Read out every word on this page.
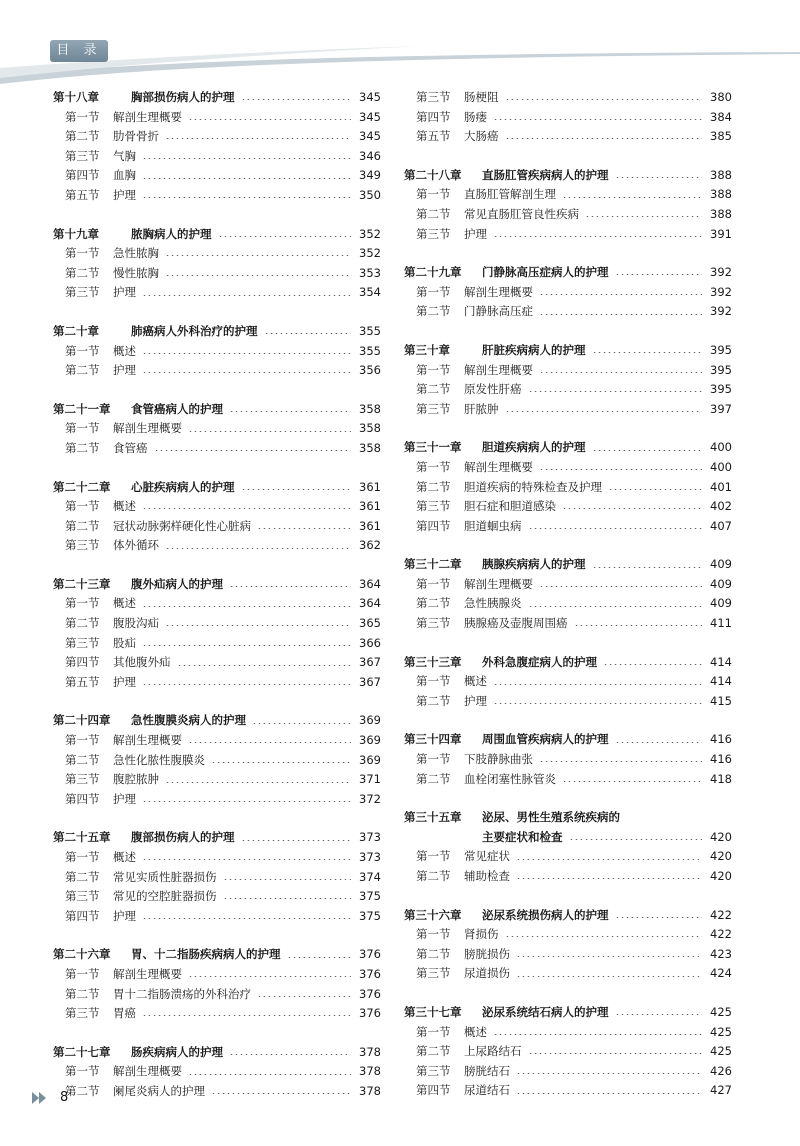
目 录
第十八章	胸部损伤病人的护理	345
第一节	解剖生理概要	345
第二节	肋骨骨折	345
第三节	气胸	346
第四节	血胸	349
第五节	护理	350
第十九章	脓胸病人的护理	352
第一节	急性脓胸	352
第二节	慢性脓胸	353
第三节	护理	354
第二十章	肺癌病人外科治疗的护理	355
第一节	概述	355
第二节	护理	356
第二十一章	食管癌病人的护理	358
第一节	解剖生理概要	358
第二节	食管癌	358
第二十二章	心脏疾病病人的护理	361
第一节	概述	361
第二节	冠状动脉粥样硬化性心脏病	361
第三节	体外循环	362
第二十三章	腹外疝病人的护理	364
第一节	概述	364
第二节	腹股沟疝	365
第三节	股疝	366
第四节	其他腹外疝	367
第五节	护理	367
第二十四章	急性腹膜炎病人的护理	369
第一节	解剖生理概要	369
第二节	急性化脓性腹膜炎	369
第三节	腹腔脓肿	371
第四节	护理	372
第二十五章	腹部损伤病人的护理	373
第一节	概述	373
第二节	常见实质性脏器损伤	374
第三节	常见的空腔脏器损伤	375
第四节	护理	375
第二十六章	胃、十二指肠疾病病人的护理	376
第一节	解剖生理概要	376
第二节	胃十二指肠溃疡的外科治疗	376
第三节	胃癌	376
第二十七章	肠疾病病人的护理	378
第一节	解剖生理概要	378
第二节	阑尾炎病人的护理	378
第三节	肠梗阻	380
第四节	肠瘘	384
第五节	大肠癌	385
第二十八章	直肠肛管疾病病人的护理	388
第一节	直肠肛管解剖生理	388
第二节	常见直肠肛管良性疾病	388
第三节	护理	391
第二十九章	门静脉高压症病人的护理	392
第一节	解剖生理概要	392
第二节	门静脉高压症	392
第三十章	肝脏疾病病人的护理	395
第一节	解剖生理概要	395
第二节	原发性肝癌	395
第三节	肝脓肿	397
第三十一章	胆道疾病病人的护理	400
第一节	解剖生理概要	400
第二节	胆道疾病的特殊检查及护理	401
第三节	胆石症和胆道感染	402
第四节	胆道蛔虫病	407
第三十二章	胰腺疾病病人的护理	409
第一节	解剖生理概要	409
第二节	急性胰腺炎	409
第三节	胰腺癌及壶腹周围癌	411
第三十三章	外科急腹症病人的护理	414
第一节	概述	414
第二节	护理	415
第三十四章	周围血管疾病病人的护理	416
第一节	下肢静脉曲张	416
第二节	血栓闭塞性脉管炎	418
第三十五章	泌尿、男性生殖系统疾病的
主要症状和检查	420
第一节	常见症状	420
第二节	辅助检查	420
第三十六章	泌尿系统损伤病人的护理	422
第一节	肾损伤	422
第二节	膀胱损伤	423
第三节	尿道损伤	424
第三十七章	泌尿系统结石病人的护理	425
第一节	概述	425
第二节	上尿路结石	425
第三节	膀胱结石	426
第四节	尿道结石	427
8
